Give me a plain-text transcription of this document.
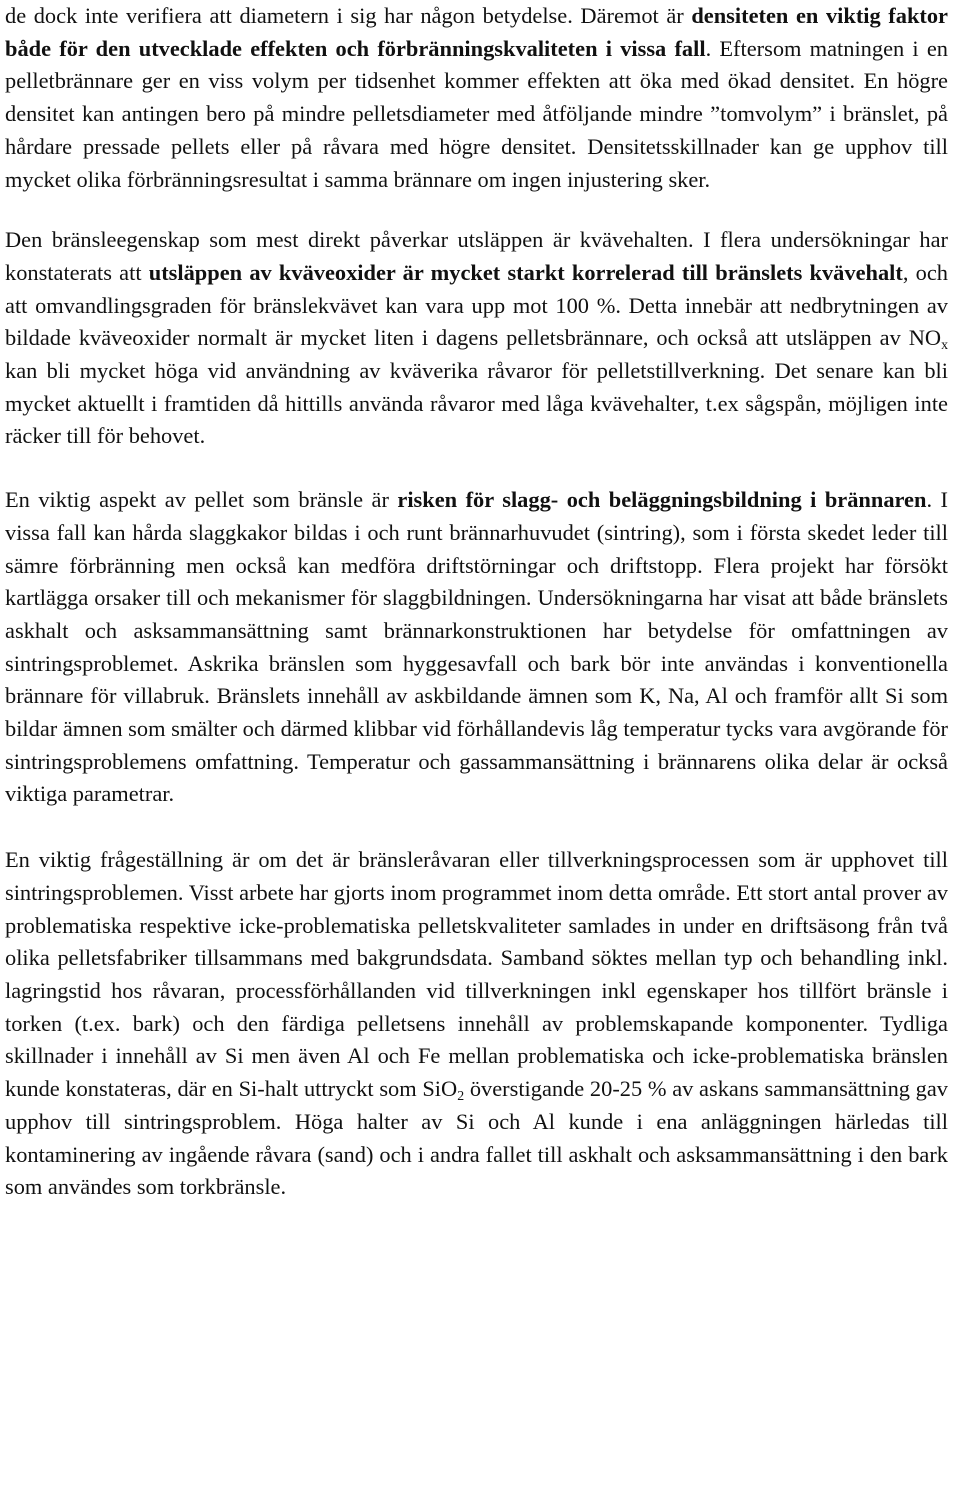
de dock inte verifiera att diametern i sig har någon betydelse. Däremot är densiteten en viktig faktor både för den utvecklade effekten och förbränningskvaliteten i vissa fall. Eftersom matningen i en pelletbrännare ger en viss volym per tidsenhet kommer effekten att öka med ökad densitet. En högre densitet kan antingen bero på mindre pelletsdiameter med åtföljande mindre ”tomvolym” i bränslet, på hårdare pressade pellets eller på råvara med högre densitet. Densitetsskillnader kan ge upphov till mycket olika förbränningsresultat i samma brännare om ingen injustering sker.

Den bränsleegenskap som mest direkt påverkar utsläppen är kvävehalten. I flera undersökningar har konstaterats att utsläppen av kväveoxider är mycket starkt korrelerad till bränslets kvävehalt, och att omvandlingsgraden för bränslekvävet kan vara upp mot 100 %. Detta innebär att nedbrytningen av bildade kväveoxider normalt är mycket liten i dagens pelletsbrännare, och också att utsläppen av $NO_x$ kan bli mycket höga vid användning av kväverika råvaror för pelletstillverkning. Det senare kan bli mycket aktuellt i framtiden då hittills använda råvaror med låga kvävehalter, t.ex sågspån, möjligen inte räcker till för behovet.

En viktig aspekt av pellet som bränsle är risken för slagg- och beläggningsbildning i brännaren. I vissa fall kan hårda slaggkakor bildas i och runt brännarhuvudet (sintring), som i första skedet leder till sämre förbränning men också kan medföra driftstörningar och driftstopp. Flera projekt har försökt kartlägga orsaker till och mekanismer för slaggbildningen. Undersökningarna har visat att både bränslets askhalt och asksammansättning samt brännarkonstruktionen har betydelse för omfattningen av sintringsproblemet. Askrika bränslen som hyggesavfall och bark bör inte användas i konventionella brännare för villabruk. Bränslets innehåll av askbildande ämnen som K, Na, Al och framför allt Si som bildar ämnen som smälter och därmed klibbar vid förhållandevis låg temperatur tycks vara avgörande för sintringsproblemens omfattning. Temperatur och gassammansättning i brännarens olika delar är också viktiga parametrar.

En viktig frågeställning är om det är bränsleråvaran eller tillverkningsprocessen som är upphovet till sintringsproblemen. Visst arbete har gjorts inom programmet inom detta område. Ett stort antal prover av problematiska respektive icke-problematiska pelletskvaliteter samlades in under en driftsäsong från två olika pelletsfabriker tillsammans med bakgrundsdata. Samband söktes mellan typ och behandling inkl. lagringstid hos råvaran, processförhållanden vid tillverkningen inkl egenskaper hos tillfört bränsle i torken (t.ex. bark) och den färdiga pelletsens innehåll av problemskapande komponenter. Tydliga skillnader i innehåll av Si men även Al och Fe mellan problematiska och icke-problematiska bränslen kunde konstateras, där en Si-halt uttryckt som SiO$_2$ överstigande 20-25 % av askans sammansättning gav upphov till sintringsproblem. Höga halter av Si och Al kunde i ena anläggningen härledas till kontaminering av ingående råvara (sand) och i andra fallet till askhalt och asksammansättning i den bark som användes som torkbränsle.
